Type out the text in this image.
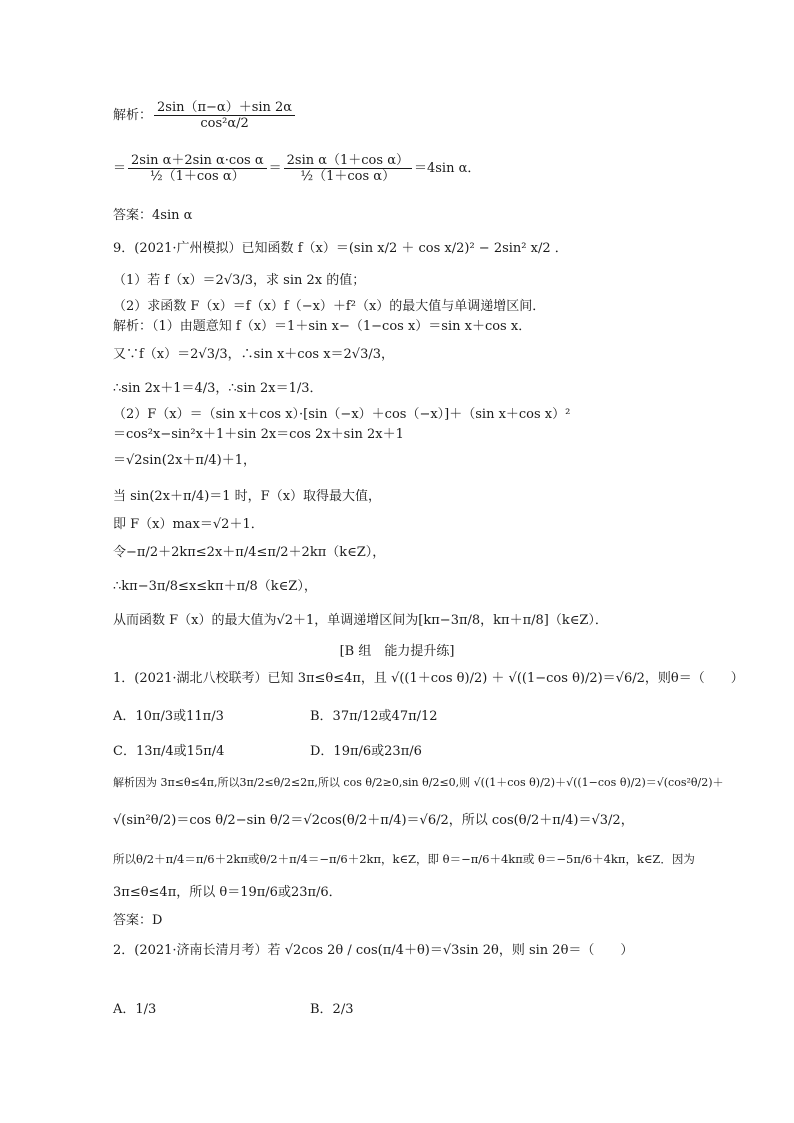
解析： $\frac{2\sin(\pi-\alpha)+\sin 2\alpha}{\text{cos²α/2}}$
＝ $\frac{\text{2sin α＋2sin α·cos α}}{\text{½（1＋cos α）}} = \frac{\text{2sin α（1＋cos α）}}{\text{½（1＋cos α）}} =4\sin$ α．
答案：4sin α
9．(2021·广州模拟）已知函数 f（x）＝(sin x/2 ＋ cos x/2)² − 2sin² x/2 ．
（1）若 f（x）＝2√3/3，求 sin 2x 的值；
（2）求函数 F（x）＝f（x）f（−x）＋f²（x）的最大值与单调递增区间．
解析：（1）由题意知 f（x）＝1＋sin x−（1−cos x）＝sin x＋cos x．
又∵f（x）＝2√3/3，∴sin x＋cos x＝2√3/3，
∴sin 2x＋1＝4/3，∴sin 2x＝1/3．
（2）F（x）＝（sin x＋cos x）·[sin（−x）＋cos（−x）]＋（sin x＋cos x）²
＝cos²x−sin²x＋1＋sin 2x＝cos 2x＋sin 2x＋1
＝√2sin(2x＋π/4)＋1，
当 sin(2x＋π/4)＝1 时，F（x）取得最大值，
即 F（x）max＝√2＋1．
令−π/2＋2kπ≤2x＋π/4≤π/2＋2kπ（k∈Z），
∴kπ−3π/8≤x≤kπ＋π/8（k∈Z），
从而函数 F（x）的最大值为√2＋1，单调递增区间为[kπ−3π/8，kπ＋π/8]（k∈Z）．
[B 组　能力提升练]
1．(2021·湖北八校联考）已知 3π≤θ≤4π，且 √((1＋cos θ)/2) ＋ √((1−cos θ)/2)＝√6/2，则θ＝（　　）
A．10π/3或11π/3	B．37π/12或47π/12
C．13π/4或15π/4	D．19π/6或23π/6
解析因为 3π≤θ≤4π,所以3π/2≤θ/2≤2π,所以 cos θ/2≥0,sin θ/2≤0,则 √((1＋cos θ)/2)＋√((1−cos θ)/2)＝√(cos²θ/2)＋
√(sin²θ/2)＝cos θ/2−sin θ/2＝√2cos(θ/2＋π/4)＝√6/2，所以 cos(θ/2＋π/4)＝√3/2，
所以θ/2＋π/4＝π/6＋2kπ或θ/2＋π/4＝−π/6＋2kπ，k∈Z，即 θ＝−π/6＋4kπ或 θ＝−5π/6＋4kπ，k∈Z．因为
3π≤θ≤4π，所以 θ＝19π/6或23π/6．
答案：D
2．(2021·济南长清月考）若 √2cos 2θ / cos(π/4＋θ)＝√3sin 2θ，则 sin 2θ＝（　　）
A．1/3	B．2/3
